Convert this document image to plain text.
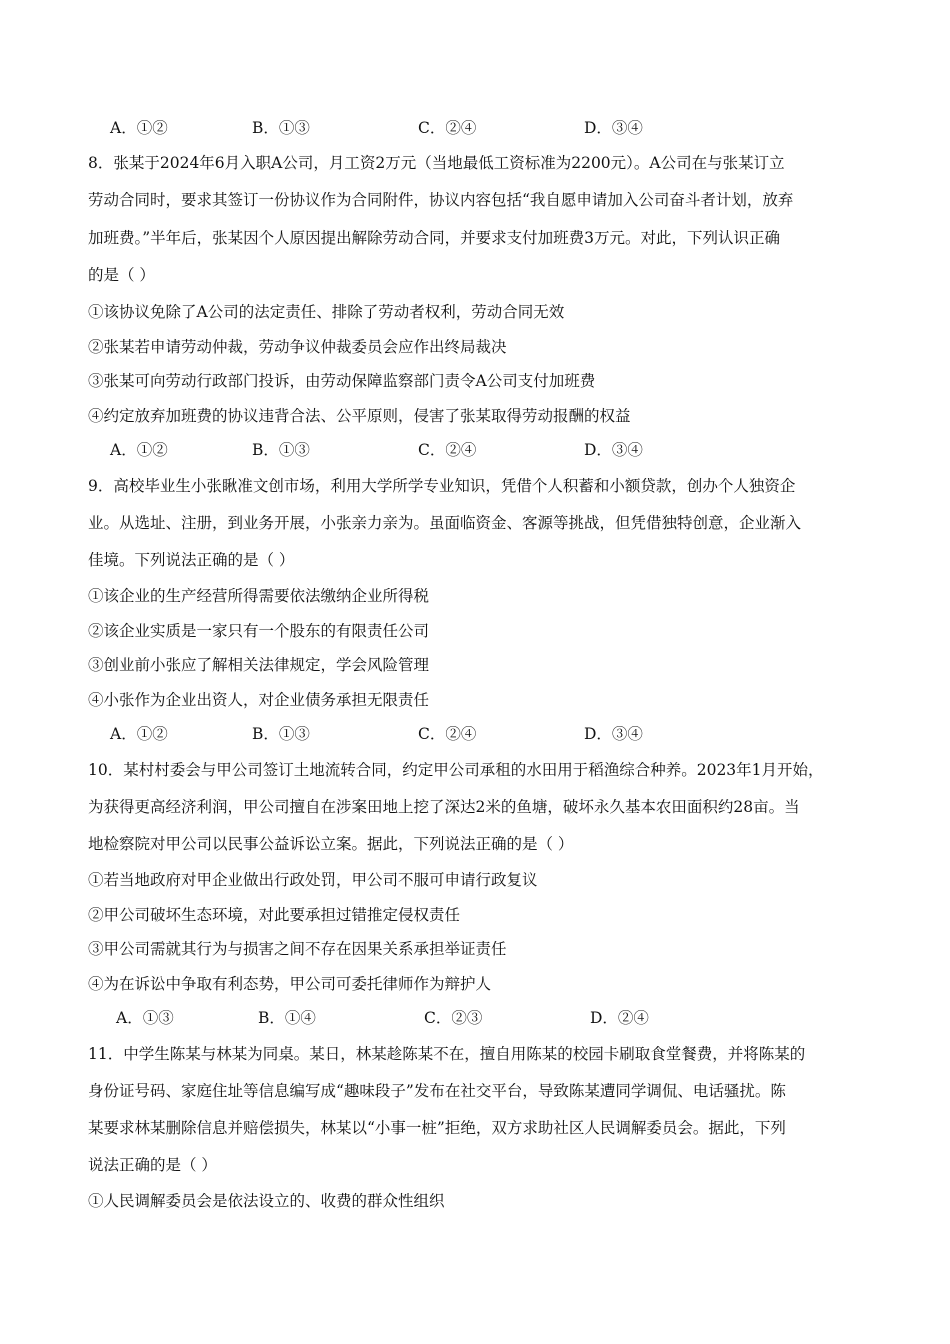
A．①②	B．①③	C．②④	D．③④
8．张某于2024年6月入职A公司，月工资2万元（当地最低工资标准为2200元）。A公司在与张某订立
劳动合同时，要求其签订一份协议作为合同附件，协议内容包括“我自愿申请加入公司奋斗者计划，放弃
加班费。”半年后，张某因个人原因提出解除劳动合同，并要求支付加班费3万元。对此，下列认识正确
的是（ ）
①该协议免除了A公司的法定责任、排除了劳动者权利，劳动合同无效
②张某若申请劳动仲裁，劳动争议仲裁委员会应作出终局裁决
③张某可向劳动行政部门投诉，由劳动保障监察部门责令A公司支付加班费
④约定放弃加班费的协议违背合法、公平原则，侵害了张某取得劳动报酬的权益
A．①②	B．①③	C．②④	D．③④
9．高校毕业生小张瞅准文创市场，利用大学所学专业知识，凭借个人积蓄和小额贷款，创办个人独资企
业。从选址、注册，到业务开展，小张亲力亲为。虽面临资金、客源等挑战，但凭借独特创意，企业渐入
佳境。下列说法正确的是（ ）
①该企业的生产经营所得需要依法缴纳企业所得税
②该企业实质是一家只有一个股东的有限责任公司
③创业前小张应了解相关法律规定，学会风险管理
④小张作为企业出资人，对企业债务承担无限责任
A．①②	B．①③	C．②④	D．③④
10．某村村委会与甲公司签订土地流转合同，约定甲公司承租的水田用于稻渔综合种养。2023年1月开始，
为获得更高经济利润，甲公司擅自在涉案田地上挖了深达2米的鱼塘，破坏永久基本农田面积约28亩。当
地检察院对甲公司以民事公益诉讼立案。据此，下列说法正确的是（ ）
①若当地政府对甲企业做出行政处罚，甲公司不服可申请行政复议
②甲公司破坏生态环境，对此要承担过错推定侵权责任
③甲公司需就其行为与损害之间不存在因果关系承担举证责任
④为在诉讼中争取有利态势，甲公司可委托律师作为辩护人
A．①③	B．①④	C．②③	D．②④
11．中学生陈某与林某为同桌。某日，林某趁陈某不在，擅自用陈某的校园卡刷取食堂餐费，并将陈某的
身份证号码、家庭住址等信息编写成“趣味段子”发布在社交平台，导致陈某遭同学调侃、电话骚扰。陈
某要求林某删除信息并赔偿损失，林某以“小事一桩”拒绝，双方求助社区人民调解委员会。据此，下列
说法正确的是（ ）
①人民调解委员会是依法设立的、收费的群众性组织
